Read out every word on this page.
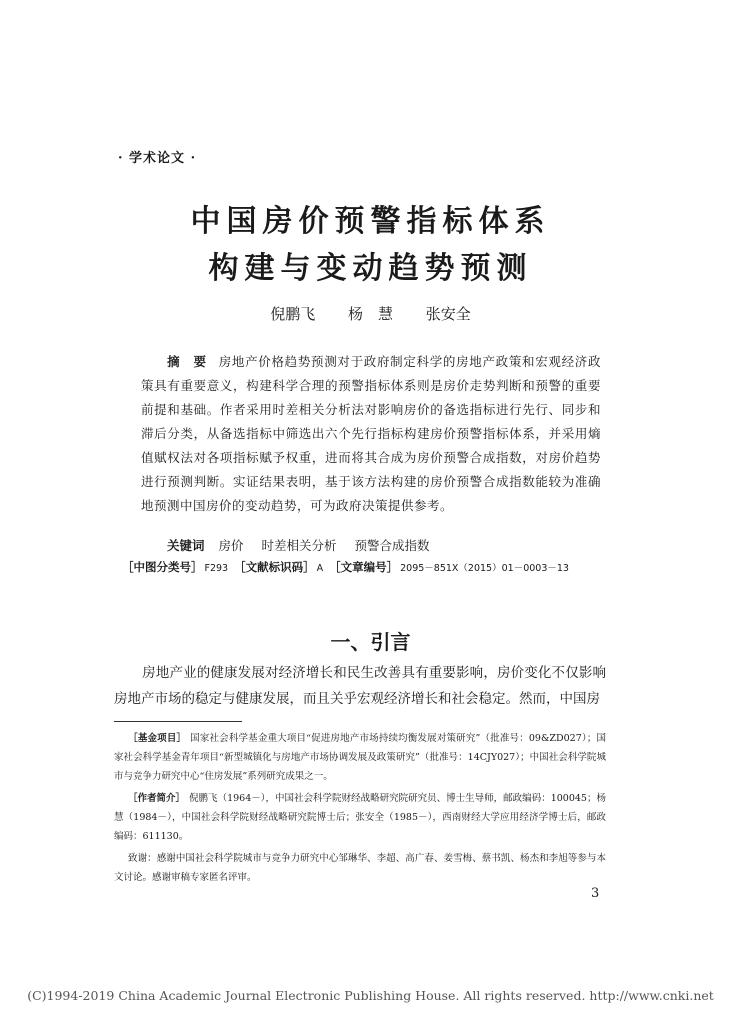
· 学术论文 ·
中国房价预警指标体系
构建与变动趋势预测
倪鹏飞 杨　慧 张安全
摘　要 房地产价格趋势预测对于政府制定科学的房地产政策和宏观经济政策具有重要意义，构建科学合理的预警指标体系则是房价走势判断和预警的重要前提和基础。作者采用时差相关分析法对影响房价的备选指标进行先行、同步和滞后分类，从备选指标中筛选出六个先行指标构建房价预警指标体系，并采用熵值赋权法对各项指标赋予权重，进而将其合成为房价预警合成指数，对房价趋势进行预测判断。实证结果表明，基于该方法构建的房价预警合成指数能较为准确地预测中国房价的变动趋势，可为政府决策提供参考。
关键词 房价 时差相关分析 预警合成指数
［中图分类号］ F293 ［文献标识码］ A ［文章编号］ 2095－851X（2015）01－0003－13
一、引言
房地产业的健康发展对经济增长和民生改善具有重要影响，房价变化不仅影响房地产市场的稳定与健康发展，而且关乎宏观经济增长和社会稳定。然而，中国房

［基金项目］ 国家社会科学基金重大项目“促进房地产市场持续均衡发展对策研究”（批准号：09&ZD027）；国家社会科学基金青年项目“新型城镇化与房地产市场协调发展及政策研究”（批准号：14CJY027）；中国社会科学院城市与竞争力研究中心“住房发展”系列研究成果之一。

［作者简介］ 倪鹏飞（1964－），中国社会科学院财经战略研究院研究员、博士生导师，邮政编码：100045；杨慧（1984－），中国社会科学院财经战略研究院博士后；张安全（1985－），西南财经大学应用经济学博士后，邮政编码：611130。

致谢：感谢中国社会科学院城市与竞争力研究中心邹琳华、李超、高广春、姜雪梅、蔡书凯、杨杰和李旭等参与本文讨论。感谢审稿专家匿名评审。

3
(C)1994-2019 China Academic Journal Electronic Publishing House. All rights reserved. http://www.cnki.net
